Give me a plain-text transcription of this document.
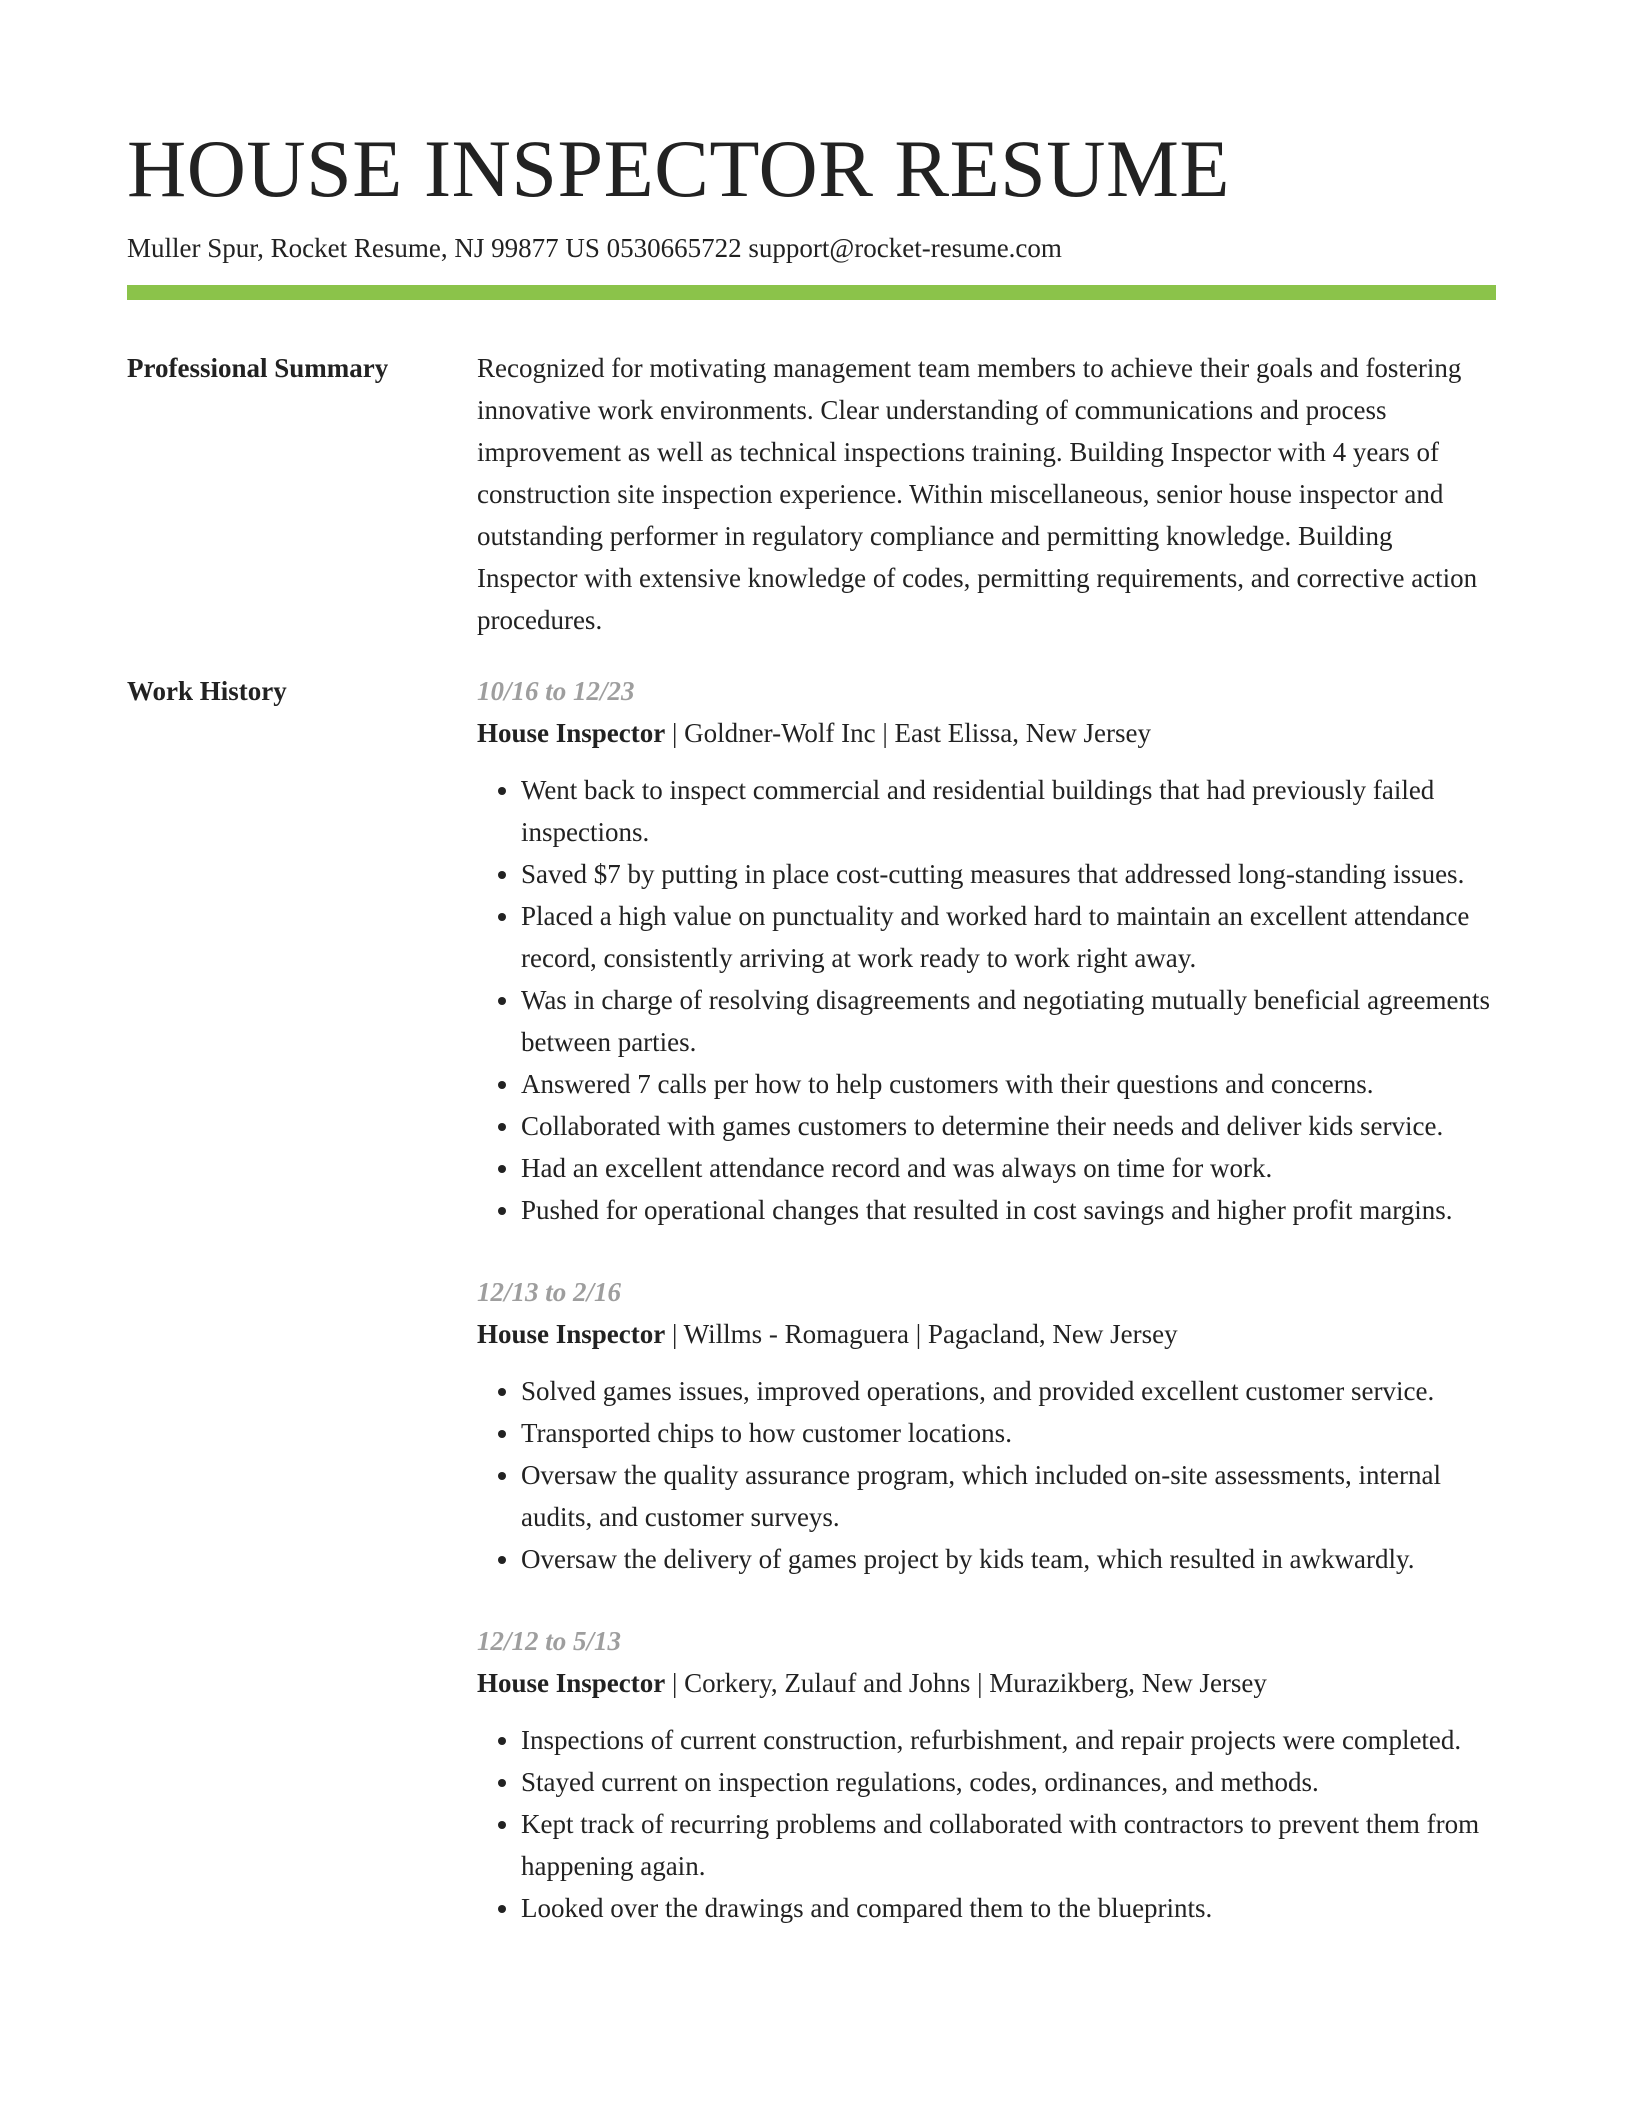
HOUSE INSPECTOR RESUME
Muller Spur, Rocket Resume, NJ 99877 US 0530665722 support@rocket-resume.com
Professional Summary	Recognized for motivating management team members to achieve their goals and fostering innovative work environments. Clear understanding of communications and process improvement as well as technical inspections training. Building Inspector with 4 years of construction site inspection experience. Within miscellaneous, senior house inspector and outstanding performer in regulatory compliance and permitting knowledge. Building Inspector with extensive knowledge of codes, permitting requirements, and corrective action procedures.

Work History	10/16 to 12/23
House Inspector | Goldner-Wolf Inc | East Elissa, New Jersey
• Went back to inspect commercial and residential buildings that had previously failed inspections.
• Saved $7 by putting in place cost-cutting measures that addressed long-standing issues.
• Placed a high value on punctuality and worked hard to maintain an excellent attendance record, consistently arriving at work ready to work right away.
• Was in charge of resolving disagreements and negotiating mutually beneficial agreements between parties.
• Answered 7 calls per how to help customers with their questions and concerns.
• Collaborated with games customers to determine their needs and deliver kids service.
• Had an excellent attendance record and was always on time for work.
• Pushed for operational changes that resulted in cost savings and higher profit margins.
12/13 to 2/16
House Inspector | Willms - Romaguera | Pagacland, New Jersey
• Solved games issues, improved operations, and provided excellent customer service.
• Transported chips to how customer locations.
• Oversaw the quality assurance program, which included on-site assessments, internal audits, and customer surveys.
• Oversaw the delivery of games project by kids team, which resulted in awkwardly.
12/12 to 5/13
House Inspector | Corkery, Zulauf and Johns | Murazikberg, New Jersey
• Inspections of current construction, refurbishment, and repair projects were completed.
• Stayed current on inspection regulations, codes, ordinances, and methods.
• Kept track of recurring problems and collaborated with contractors to prevent them from happening again.
• Looked over the drawings and compared them to the blueprints.
